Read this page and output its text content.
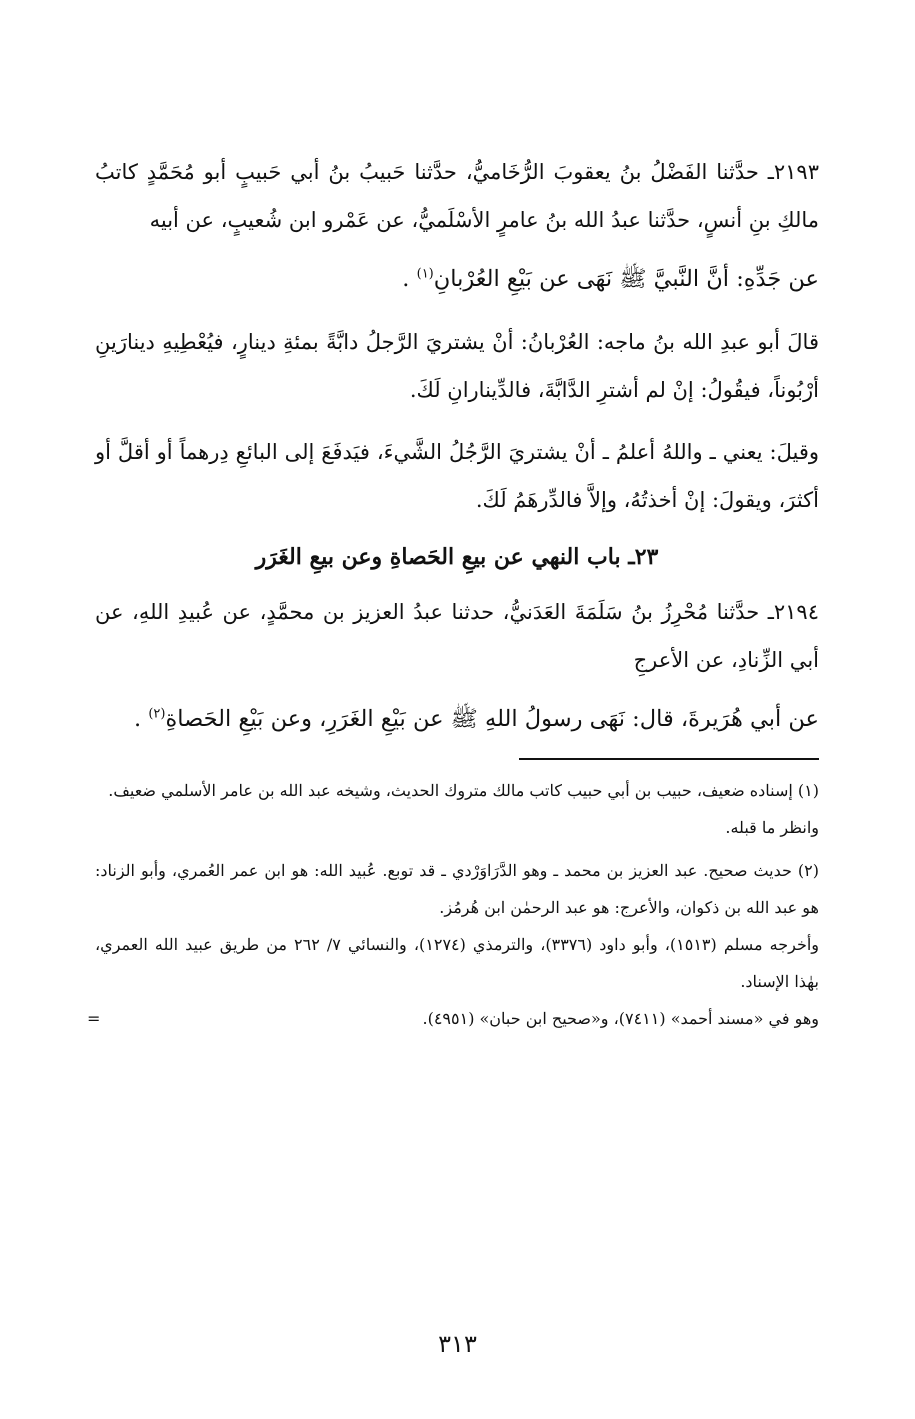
٢١٩٣ـ حدَّثنا الفَضْلُ بنُ يعقوبَ الرُّخَاميُّ، حدَّثنا حَبيبُ بنُ أبي حَبيبٍ أبو مُحَمَّدٍ كاتبُ مالكِ بنِ أنسٍ، حدَّثنا عبدُ الله بنُ عامرٍ الأسْلَميُّ، عن عَمْرو ابن شُعيبٍ، عن أبيه

عن جَدِّهِ: أنَّ النَّبيَّ ﷺ نَهَى عن بَيْعِ العُرْبانِ$^{(١)}$ .

قالَ أبو عبدِ الله بنُ ماجه: العُرْبانُ: أنْ يشتريَ الرَّجلُ دابَّةً بمئةِ دينارٍ، فيُعْطِيهِ دينارَينِ أرْبُوناً، فيقُولُ: إنْ لم أشترِ الدَّابَّةَ، فالدِّينارانِ لَكَ.

وقيلَ: يعني ـ واللهُ أعلمُ ـ أنْ يشتريَ الرَّجُلُ الشَّيءَ، فيَدفَعَ إلى البائعِ دِرهماً أو أقلَّ أو أكثرَ، ويقولَ: إنْ أخذتُهُ، وإلاَّ فالدِّرهَمُ لَكَ.

٢٣ـ باب النهي عن بيعِ الحَصاةِ وعن بيعِ الغَرَر

٢١٩٤ـ حدَّثنا مُحْرِزُ بنُ سَلَمَةَ العَدَنيُّ، حدثنا عبدُ العزيز بن محمَّدٍ، عن عُبيدِ اللهِ، عن أبي الزِّنادِ، عن الأعرجِ

عن أبي هُرَيرةَ، قال: نَهَى رسولُ اللهِ ﷺ عن بَيْعِ الغَرَرِ، وعن بَيْعِ الحَصاةِ$^{(٢)}$ .

(١) إسناده ضعيف، حبيب بن أبي حبيب كاتب مالك متروك الحديث، وشيخه عبد الله بن عامر الأسلمي ضعيف.

وانظر ما قبله.

(٢) حديث صحيح. عبد العزيز بن محمد ـ وهو الدَّرَاوَرْدي ـ قد توبع. عُبيد الله: هو ابن عمر العُمري، وأبو الزناد: هو عبد الله بن ذكوان، والأعرج: هو عبد الرحمٰن ابن هُرمُز.

وأخرجه مسلم (١٥١٣)، وأبو داود (٣٣٧٦)، والترمذي (١٢٧٤)، والنسائي ٧/ ٢٦٢ من طريق عبيد الله العمري، بهٰذا الإسناد.

وهو في «مسند أحمد» (٧٤١١)، و«صحيح ابن حبان» (٤٩٥١).
=

٣١٣
